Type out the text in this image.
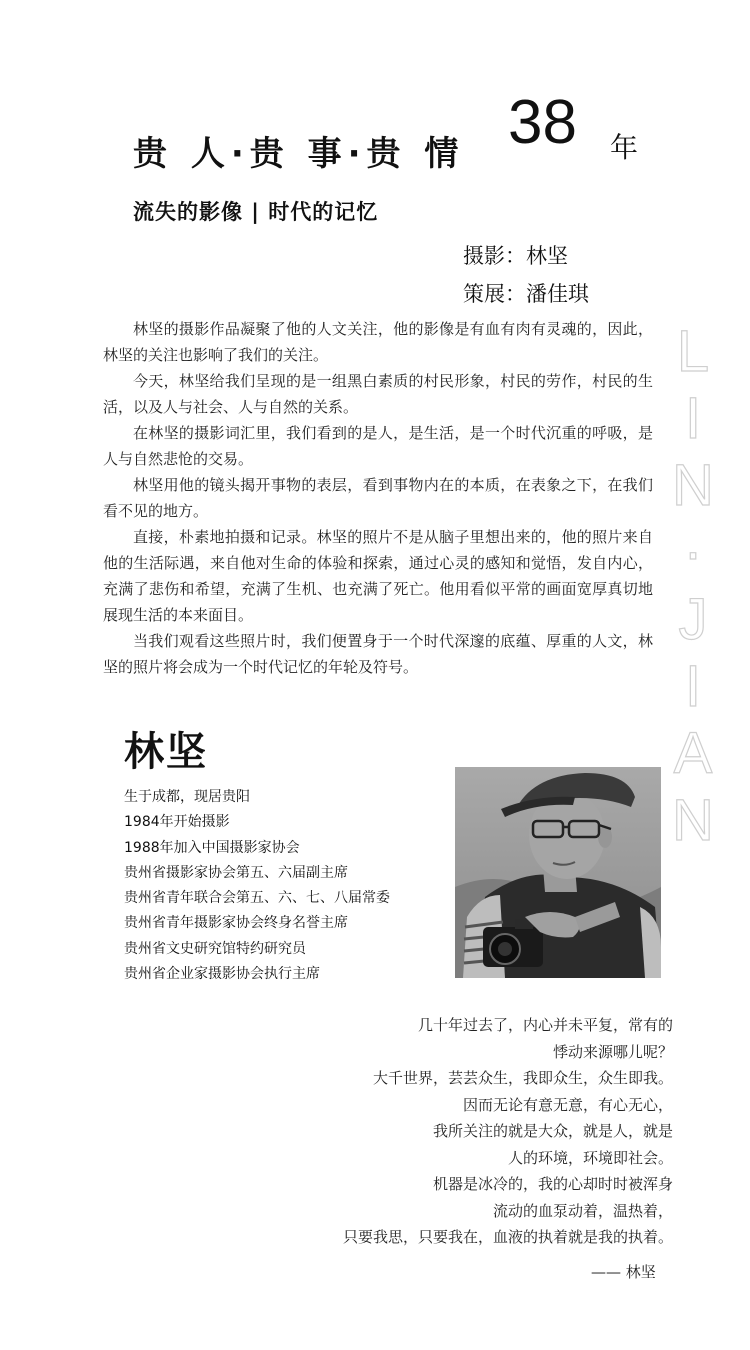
贵 人·贵 事·贵 情 38 年
流失的影像 | 时代的记忆
摄影：林坚
策展：潘佳琪

林坚的摄影作品凝聚了他的人文关注，他的影像是有血有肉有灵魂的，因此，林坚的关注也影响了我们的关注。

今天，林坚给我们呈现的是一组黑白素质的村民形象，村民的劳作，村民的生活，以及人与社会、人与自然的关系。

在林坚的摄影词汇里，我们看到的是人，是生活，是一个时代沉重的呼吸，是人与自然悲怆的交易。

林坚用他的镜头揭开事物的表层，看到事物内在的本质，在表象之下，在我们看不见的地方。

直接，朴素地拍摄和记录。林坚的照片不是从脑子里想出来的，他的照片来自他的生活际遇，来自他对生命的体验和探索，通过心灵的感知和觉悟，发自内心，充满了悲伤和希望，充满了生机、也充满了死亡。他用看似平常的画面宽厚真切地展现生活的本来面目。

当我们观看这些照片时，我们便置身于一个时代深邃的底蕴、厚重的人文，林坚的照片将会成为一个时代记忆的年轮及符号。

L
I
N
·
J
I
A
N
林坚
生于成都，现居贵阳
1984年开始摄影
1988年加入中国摄影家协会
贵州省摄影家协会第五、六届副主席
贵州省青年联合会第五、六、七、八届常委
贵州省青年摄影家协会终身名誉主席
贵州省文史研究馆特约研究员
贵州省企业家摄影协会执行主席
几十年过去了，内心并未平复，常有的
悸动来源哪儿呢？
大千世界，芸芸众生，我即众生，众生即我。
因而无论有意无意，有心无心，
我所关注的就是大众，就是人，就是
人的环境，环境即社会。
机器是冰冷的，我的心却时时被浑身
流动的血泵动着，温热着，
只要我思，只要我在，血液的执着就是我的执着。
—— 林坚
